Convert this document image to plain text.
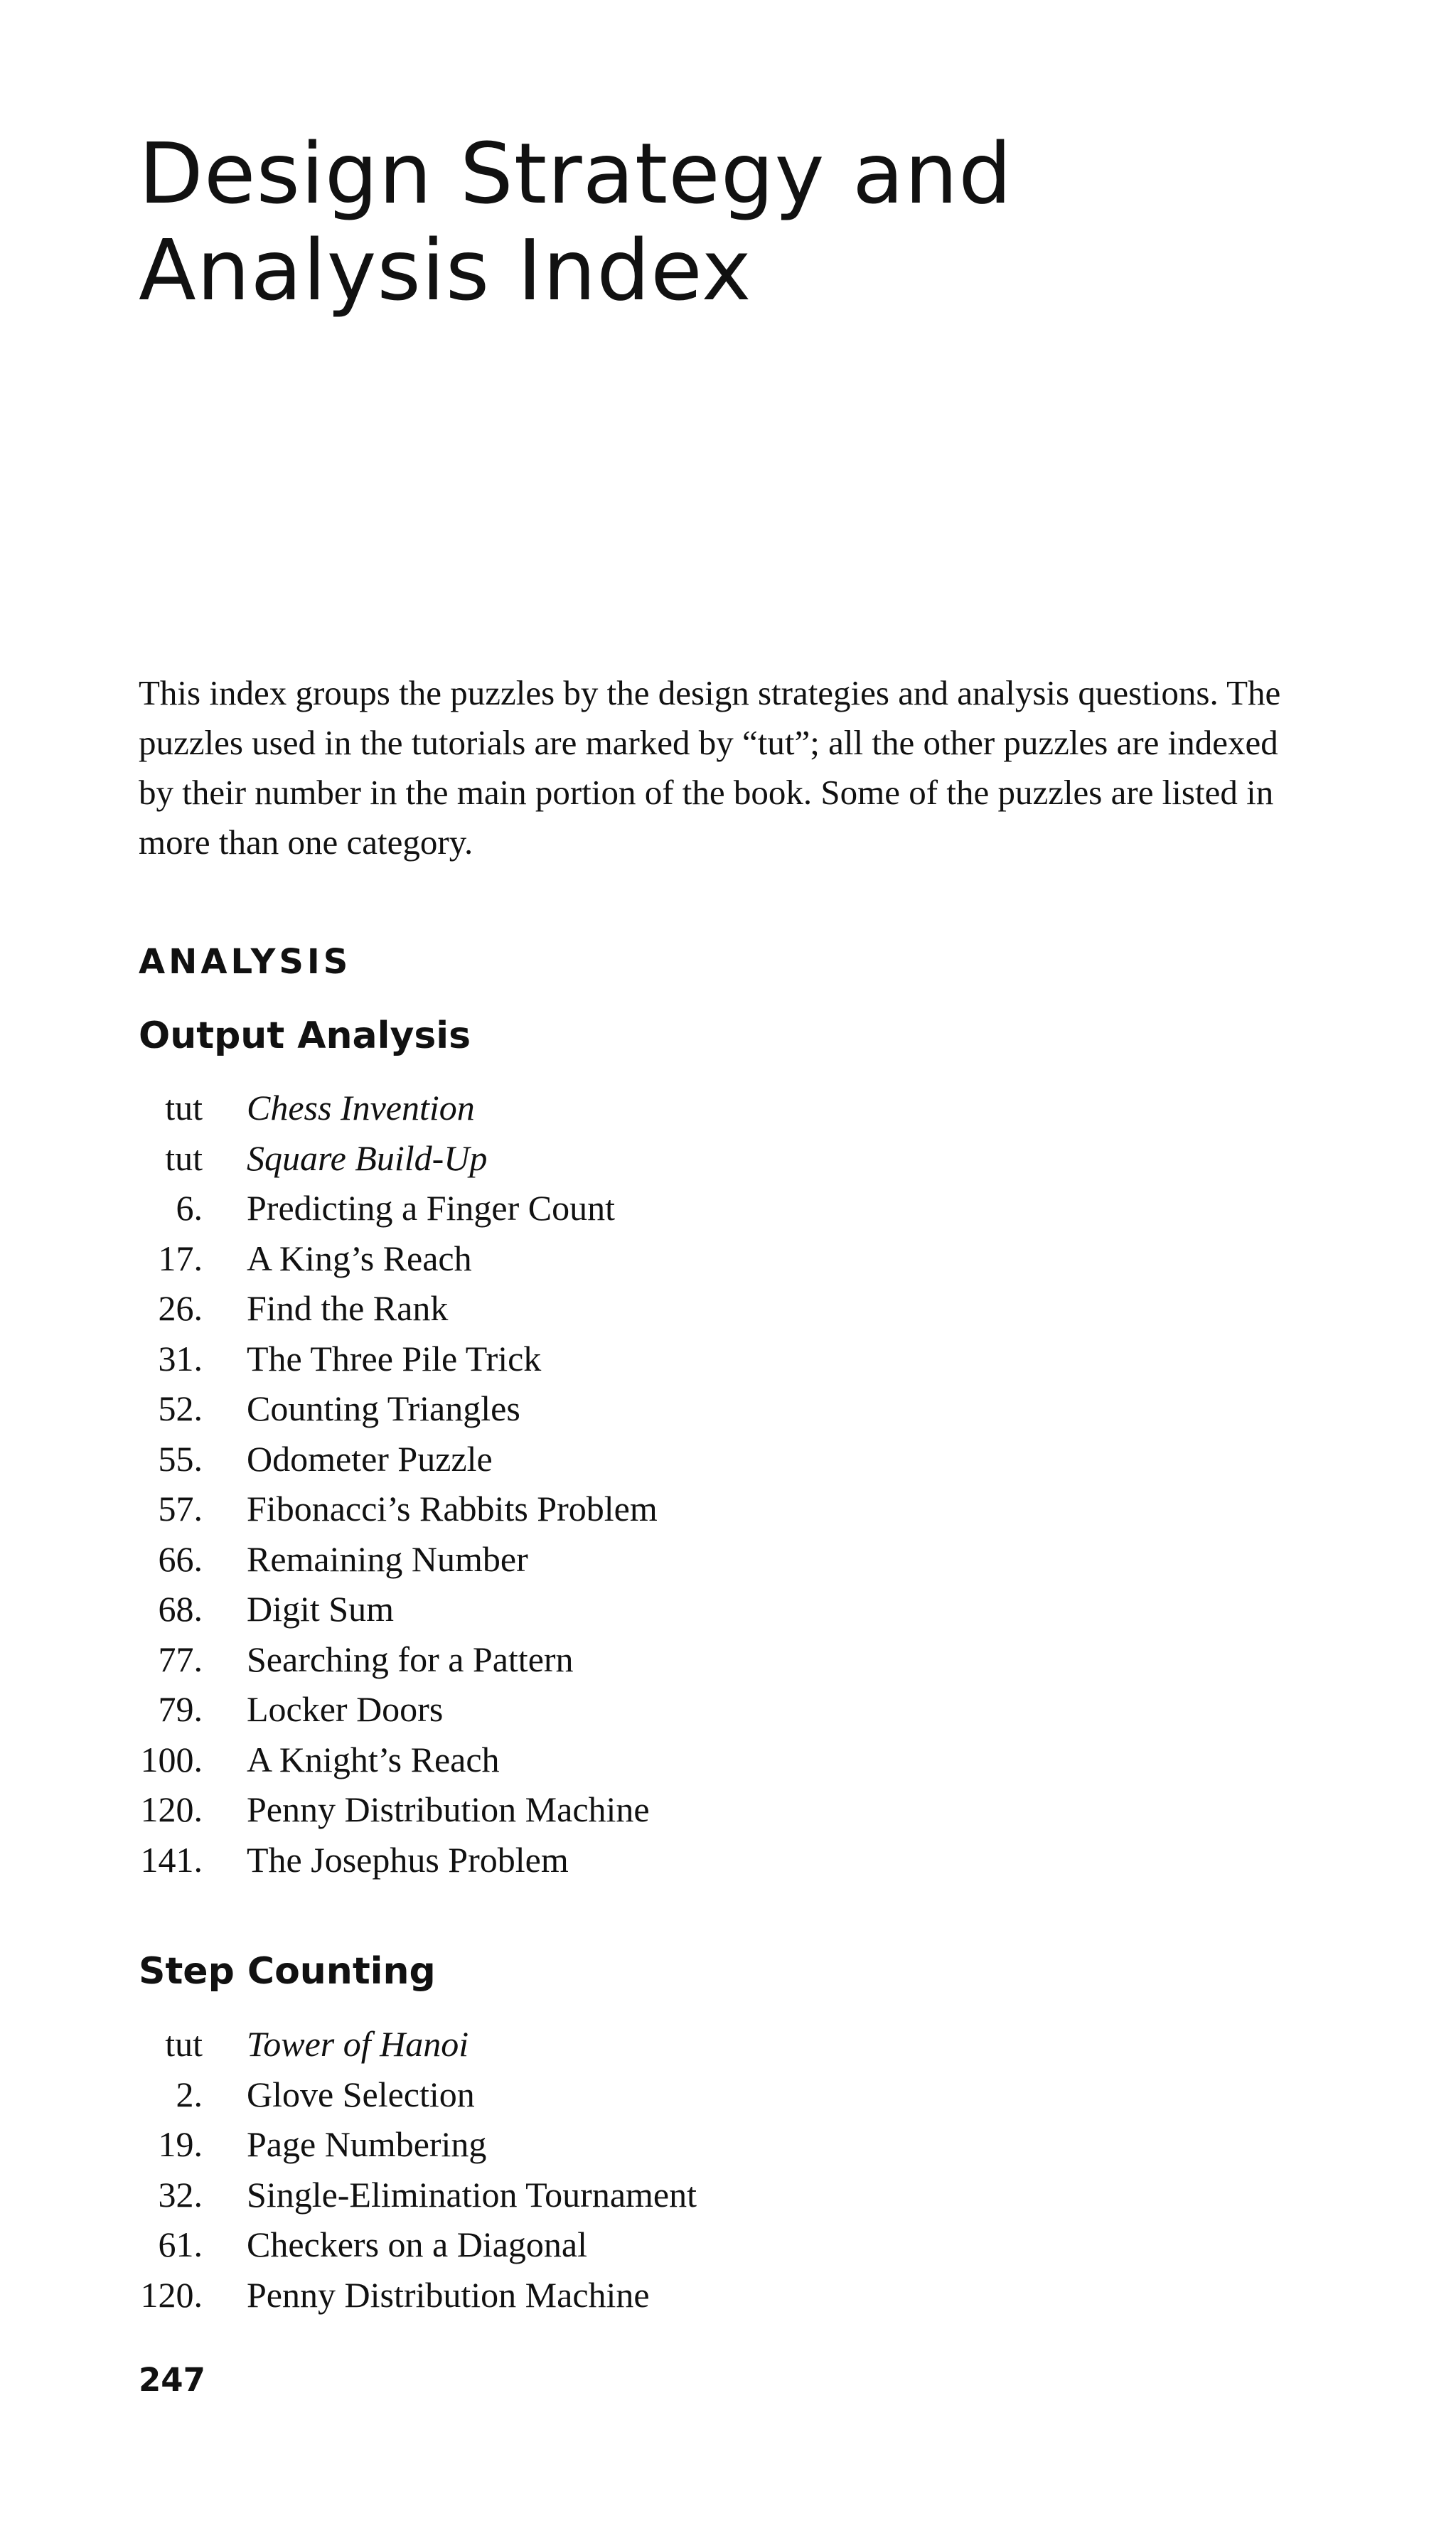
Design Strategy and
Analysis Index

This index groups the puzzles by the design strategies and analysis questions. The puzzles used in the tutorials are marked by “tut”; all the other puzzles are indexed by their number in the main portion of the book. Some of the puzzles are listed in more than one category.

ANALYSIS
Output Analysis
tut Chess Invention
tut Square Build-Up
6. Predicting a Finger Count
17. A King’s Reach
26. Find the Rank
31. The Three Pile Trick
52. Counting Triangles
55. Odometer Puzzle
57. Fibonacci’s Rabbits Problem
66. Remaining Number
68. Digit Sum
77. Searching for a Pattern
79. Locker Doors
100. A Knight’s Reach
120. Penny Distribution Machine
141. The Josephus Problem
Step Counting
tut Tower of Hanoi
2. Glove Selection
19. Page Numbering
32. Single-Elimination Tournament
61. Checkers on a Diagonal
120. Penny Distribution Machine
247
